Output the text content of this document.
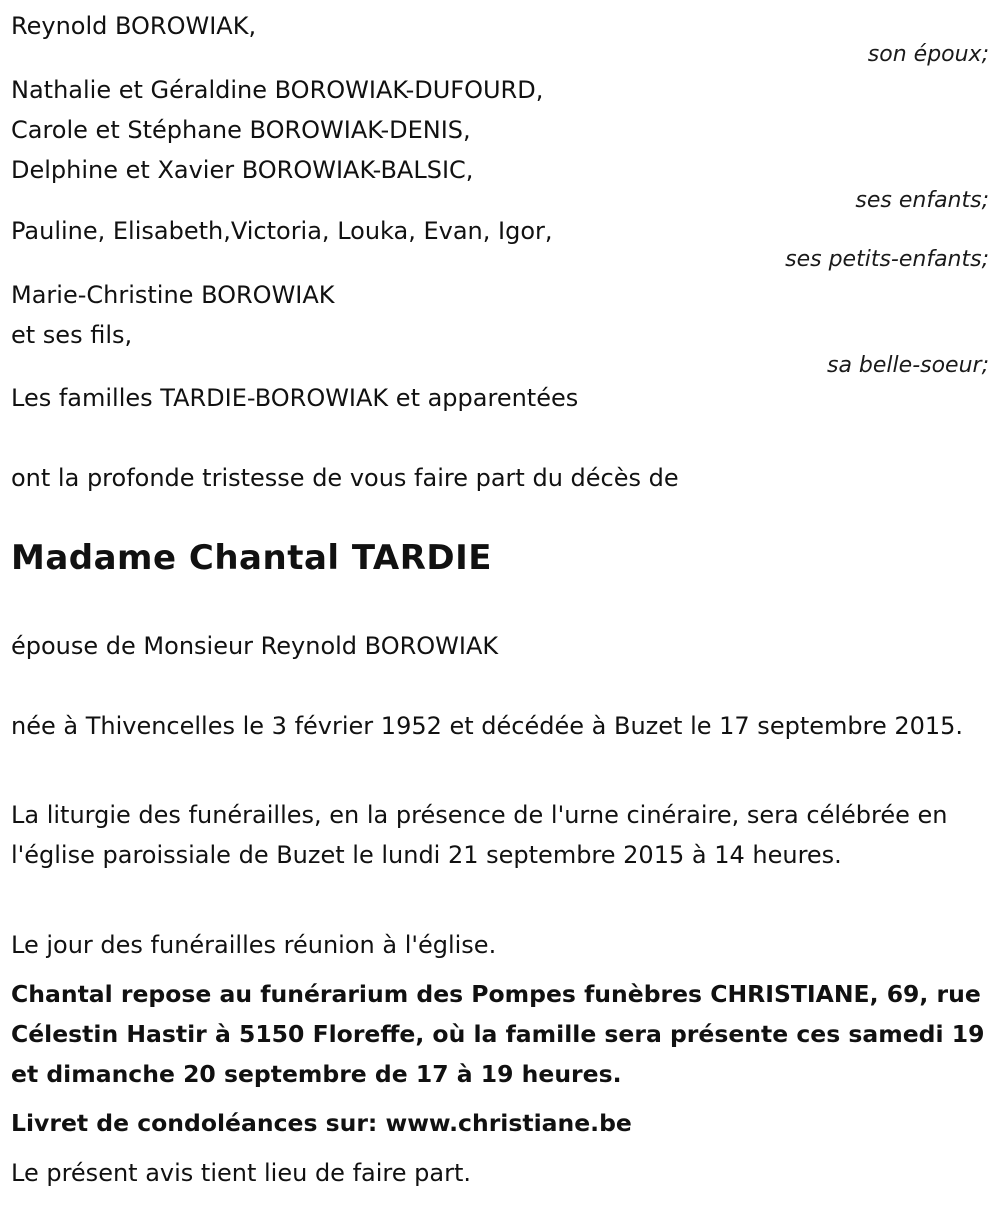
Reynold BOROWIAK,
son époux;
Nathalie et Géraldine BOROWIAK-DUFOURD,
Carole et Stéphane BOROWIAK-DENIS,
Delphine et Xavier BOROWIAK-BALSIC,
ses enfants;
Pauline, Elisabeth,Victoria, Louka, Evan, Igor,
ses petits-enfants;
Marie-Christine BOROWIAK
et ses fils,
sa belle-soeur;
Les familles TARDIE-BOROWIAK et apparentées
ont la profonde tristesse de vous faire part du décès de
Madame Chantal TARDIE
épouse de Monsieur Reynold BOROWIAK
née à Thivencelles le 3 février 1952 et décédée à Buzet le 17 septembre 2015.
La liturgie des funérailles, en la présence de l'urne cinéraire, sera célébrée en l'église paroissiale de Buzet le lundi 21 septembre 2015 à 14 heures.
Le jour des funérailles réunion à l'église.
Chantal repose au funérarium des Pompes funèbres CHRISTIANE, 69, rue Célestin Hastir à 5150 Floreffe, où la famille sera présente ces samedi 19 et dimanche 20 septembre de 17 à 19 heures.
Livret de condoléances sur: www.christiane.be
Le présent avis tient lieu de faire part.
